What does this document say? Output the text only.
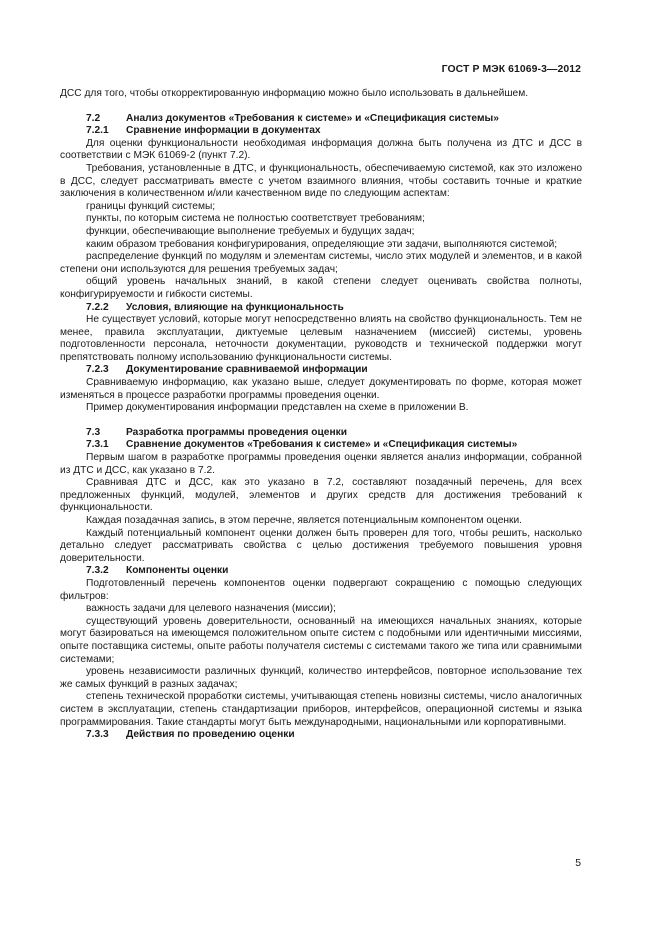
ГОСТ Р МЭК 61069-3—2012

ДСС для того, чтобы откорректированную информацию можно было использовать в дальнейшем.

7.2	Анализ документов «Требования к системе» и «Спецификация системы»

7.2.1 Сравнение информации в документах

Для оценки функциональности необходимая информация должна быть получена из ДТС и ДСС в соответствии с МЭК 61069-2 (пункт 7.2).

Требования, установленные в ДТС, и функциональность, обеспечиваемую системой, как это изложено в ДСС, следует рассматривать вместе с учетом взаимного влияния, чтобы составить точные и краткие заключения в количественном и/или качественном виде по следующим аспектам:

границы функций системы;

пункты, по которым система не полностью соответствует требованиям;

функции, обеспечивающие выполнение требуемых и будущих задач;

каким образом требования конфигурирования, определяющие эти задачи, выполняются системой;

распределение функций по модулям и элементам системы, число этих модулей и элементов, и в какой степени они используются для решения требуемых задач;

общий уровень начальных знаний, в какой степени следует оценивать свойства полноты, конфигурируемости и гибкости системы.

7.2.2 Условия, влияющие на функциональность

Не существует условий, которые могут непосредственно влиять на свойство функциональность. Тем не менее, правила эксплуатации, диктуемые целевым назначением (миссией) системы, уровень подготовленности персонала, неточности документации, руководств и технической поддержки могут препятствовать полному использованию функциональности системы.

7.2.3 Документирование сравниваемой информации

Сравниваемую информацию, как указано выше, следует документировать по форме, которая может изменяться в процессе разработки программы проведения оценки.

Пример документирования информации представлен на схеме в приложении В.

7.3	Разработка программы проведения оценки

7.3.1 Сравнение документов «Требования к системе» и «Спецификация системы»

Первым шагом в разработке программы проведения оценки является анализ информации, собранной из ДТС и ДСС, как указано в 7.2.

Сравнивая ДТС и ДСС, как это указано в 7.2, составляют позадачный перечень, для всех предложенных функций, модулей, элементов и других средств для достижения требований к функциональности.

Каждая позадачная запись, в этом перечне, является потенциальным компонентом оценки.

Каждый потенциальный компонент оценки должен быть проверен для того, чтобы решить, насколько детально следует рассматривать свойства с целью достижения требуемого повышения уровня доверительности.

7.3.2 Компоненты оценки

Подготовленный перечень компонентов оценки подвергают сокращению с помощью следующих фильтров:

важность задачи для целевого назначения (миссии);

существующий уровень доверительности, основанный на имеющихся начальных знаниях, которые могут базироваться на имеющемся положительном опыте систем с подобными или идентичными миссиями, опыте поставщика системы, опыте работы получателя системы с системами такого же типа или сравнимыми системами;

уровень независимости различных функций, количество интерфейсов, повторное использование тех же самых функций в разных задачах;

степень технической проработки системы, учитывающая степень новизны системы, число аналогичных систем в эксплуатации, степень стандартизации приборов, интерфейсов, операционной системы и языка программирования. Такие стандарты могут быть международными, национальными или корпоративными.

7.3.3 Действия по проведению оценки

5
